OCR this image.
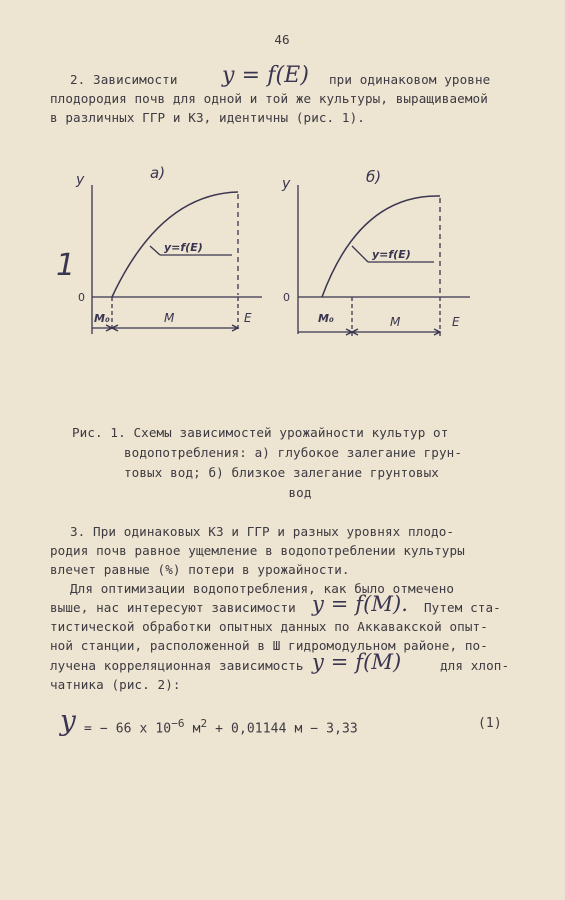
46
2. Зависимости y = f(E) при одинаковом уровне
плодородия почв для одной и той же культуры, выращиваемой
в различных ГГР и КЗ, идентичны (рис. 1).
1
y
0
а)
y=f(E)
M₀	M	E
y
0
б)
y=f(E)
M₀	M	E
Рис. 1. Схемы зависимостей урожайности культур от
водопотребления: а) глубокое залегание грун-
товых вод; б) близкое залегание грунтовых
вод
3. При одинаковых КЗ и ГГР и разных уровнях плодо-
родия почв равное ущемление в водопотреблении культуры
влечет равные (%) потери в урожайности.
Для оптимизации водопотребления, как было отмечено
выше, нас интересуют зависимости y = f(M). Путем ста-
тистической обработки опытных данных по Аккавакской опыт-
ной станции, расположенной в Ш гидромодульном районе, по-
лучена корреляционная зависимость y = f(M)	для хлоп-
чатника (рис. 2):
y = − 66 x $10^{-6}$ $м^2 + 0,01144$ м − 3,33	(1)
